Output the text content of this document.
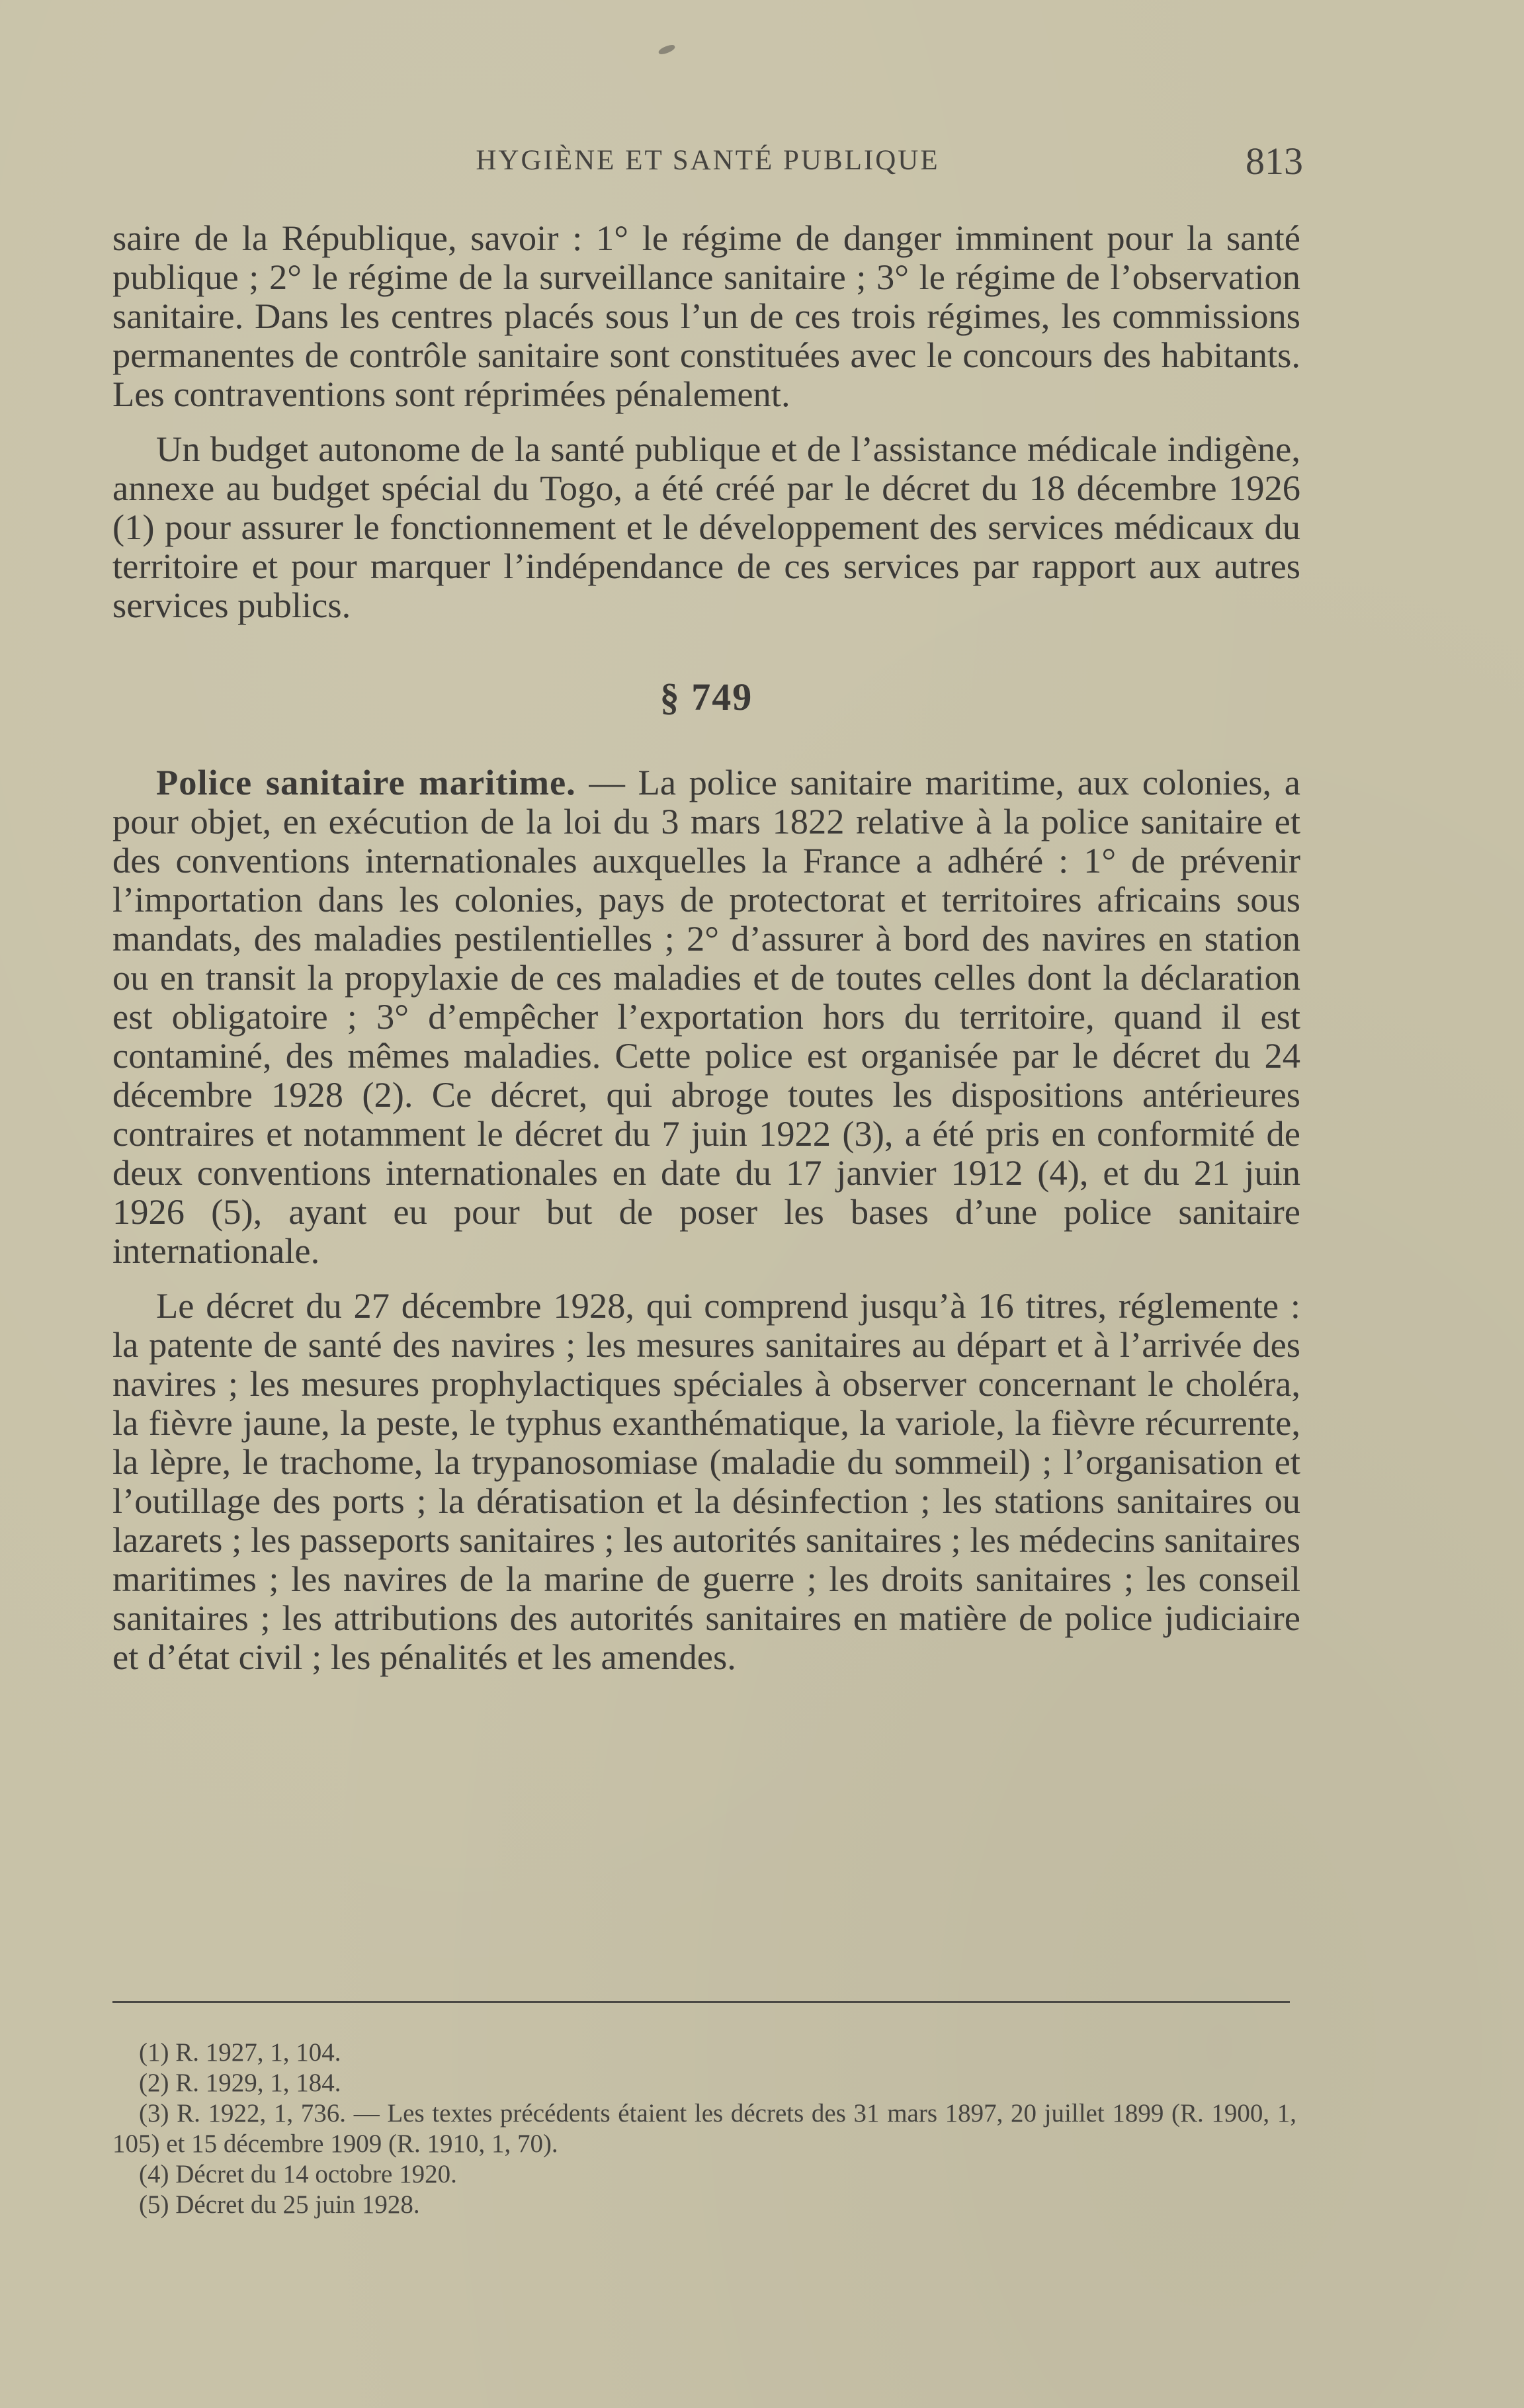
HYGIÈNE ET SANTÉ PUBLIQUE	813

saire de la République, savoir : 1° le régime de danger imminent pour la santé publique ; 2° le régime de la surveillance sanitaire ; 3° le régime de l’observation sanitaire. Dans les centres placés sous l’un de ces trois régimes, les commissions permanentes de contrôle sanitaire sont constituées avec le concours des habitants. Les contraventions sont réprimées pénalement.

Un budget autonome de la santé publique et de l’assistance médicale indigène, annexe au budget spécial du Togo, a été créé par le décret du 18 décembre 1926 (1) pour assurer le fonctionnement et le développement des services médicaux du territoire et pour marquer l’indépendance de ces services par rapport aux autres services publics.

§ 749

Police sanitaire maritime. — La police sanitaire maritime, aux colonies, a pour objet, en exécution de la loi du 3 mars 1822 relative à la police sanitaire et des conventions internationales auxquelles la France a adhéré : 1° de prévenir l’importation dans les colonies, pays de protectorat et territoires africains sous mandats, des maladies pestilentielles ; 2° d’assurer à bord des navires en station ou en transit la propylaxie de ces maladies et de toutes celles dont la déclaration est obligatoire ; 3° d’empêcher l’exportation hors du territoire, quand il est contaminé, des mêmes maladies. Cette police est organisée par le décret du 24 décembre 1928 (2). Ce décret, qui abroge toutes les dispositions antérieures contraires et notamment le décret du 7 juin 1922 (3), a été pris en conformité de deux conventions internationales en date du 17 janvier 1912 (4), et du 21 juin 1926 (5), ayant eu pour but de poser les bases d’une police sanitaire internationale.

Le décret du 27 décembre 1928, qui comprend jusqu’à 16 titres, réglemente : la patente de santé des navires ; les mesures sanitaires au départ et à l’arrivée des navires ; les mesures prophylactiques spéciales à observer concernant le choléra, la fièvre jaune, la peste, le typhus exanthématique, la variole, la fièvre récurrente, la lèpre, le trachome, la trypanosomiase (maladie du sommeil) ; l’organisation et l’outillage des ports ; la dératisation et la désinfection ; les stations sanitaires ou lazarets ; les passeports sanitaires ; les autorités sanitaires ; les médecins sanitaires maritimes ; les navires de la marine de guerre ; les droits sanitaires ; les conseil sanitaires ; les attributions des autorités sanitaires en matière de police judiciaire et d’état civil ; les pénalités et les amendes.

(1) R. 1927, 1, 104.

(2) R. 1929, 1, 184.

(3) R. 1922, 1, 736. — Les textes précédents étaient les décrets des 31 mars 1897, 20 juillet 1899 (R. 1900, 1, 105) et 15 décembre 1909 (R. 1910, 1, 70).

(4) Décret du 14 octobre 1920.

(5) Décret du 25 juin 1928.
